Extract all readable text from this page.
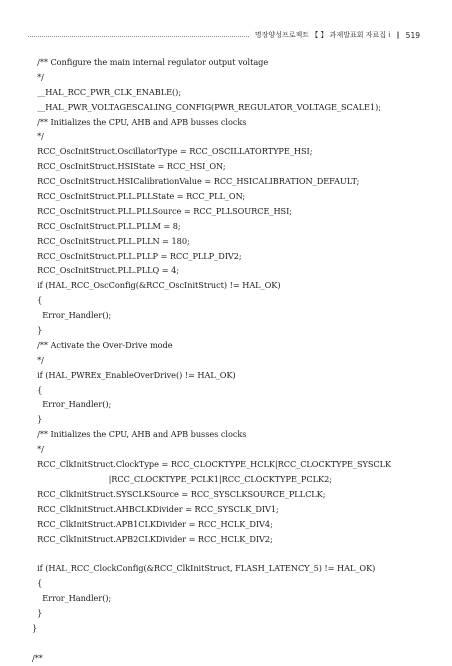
명장양성프로젝트 【 】 과제발표회 자료집 ⅰ ‖ 519
/** Configure the main internal regulator output voltage
*/
__HAL_RCC_PWR_CLK_ENABLE();
__HAL_PWR_VOLTAGESCALING_CONFIG(PWR_REGULATOR_VOLTAGE_SCALE1);
/** Initializes the CPU, AHB and APB busses clocks
*/
RCC_OscInitStruct.OscillatorType = RCC_OSCILLATORTYPE_HSI;
RCC_OscInitStruct.HSIState = RCC_HSI_ON;
RCC_OscInitStruct.HSICalibrationValue = RCC_HSICALIBRATION_DEFAULT;
RCC_OscInitStruct.PLL.PLLState = RCC_PLL_ON;
RCC_OscInitStruct.PLL.PLLSource = RCC_PLLSOURCE_HSI;
RCC_OscInitStruct.PLL.PLLM = 8;
RCC_OscInitStruct.PLL.PLLN = 180;
RCC_OscInitStruct.PLL.PLLP = RCC_PLLP_DIV2;
RCC_OscInitStruct.PLL.PLLQ = 4;
if (HAL_RCC_OscConfig(&RCC_OscInitStruct) != HAL_OK)
{
Error_Handler();
}
/** Activate the Over-Drive mode
*/
if (HAL_PWREx_EnableOverDrive() != HAL_OK)
{
Error_Handler();
}
/** Initializes the CPU, AHB and APB busses clocks
*/
RCC_ClkInitStruct.ClockType = RCC_CLOCKTYPE_HCLK|RCC_CLOCKTYPE_SYSCLK
|RCC_CLOCKTYPE_PCLK1|RCC_CLOCKTYPE_PCLK2;
RCC_ClkInitStruct.SYSCLKSource = RCC_SYSCLKSOURCE_PLLCLK;
RCC_ClkInitStruct.AHBCLKDivider = RCC_SYSCLK_DIV1;
RCC_ClkInitStruct.APB1CLKDivider = RCC_HCLK_DIV4;
RCC_ClkInitStruct.APB2CLKDivider = RCC_HCLK_DIV2;
if (HAL_RCC_ClockConfig(&RCC_ClkInitStruct, FLASH_LATENCY_5) != HAL_OK)
{
Error_Handler();
}
}
/**
